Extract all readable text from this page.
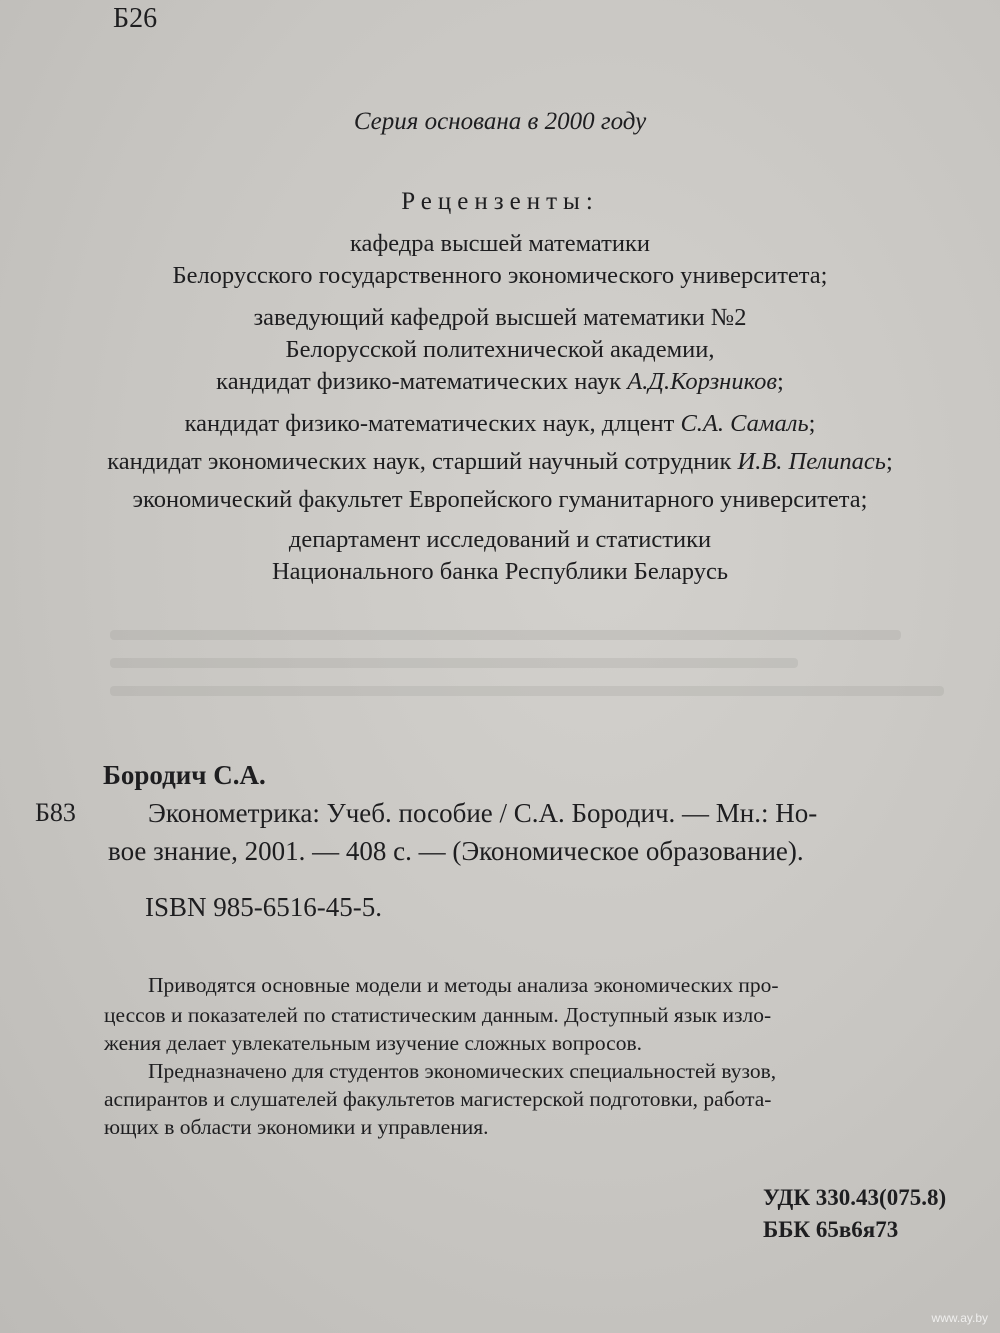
Б26
Серия основана в 2000 году
Рецензенты:
кафедра высшей математики
Белорусского государственного экономического университета;
заведующий кафедрой высшей математики №2
Белорусской политехнической академии,
кандидат физико-математических наук А.Д.Корзников;
кандидат физико-математических наук, длцент С.А. Самаль;
кандидат экономических наук, старший научный сотрудник И.В. Пелипась;
экономический факультет Европейского гуманитарного университета;
департамент исследований и статистики
Национального банка Республики Беларусь
Бородич С.А.
Б83	Эконометрика: Учеб. пособие / С.А. Бородич. — Мн.: Но-

вое знание, 2001. — 408 с. — (Экономическое образование).
ISBN 985-6516-45-5.
Приводятся основные модели и методы анализа экономических про-
цессов и показателей по статистическим данным. Доступный язык изло-
жения делает увлекательным изучение сложных вопросов.
Предназначено для студентов экономических специальностей вузов,
аспирантов и слушателей факультетов магистерской подготовки, работа-
ющих в области экономики и управления.
УДК 330.43(075.8)
ББК 65в6я73
www.ay.by
